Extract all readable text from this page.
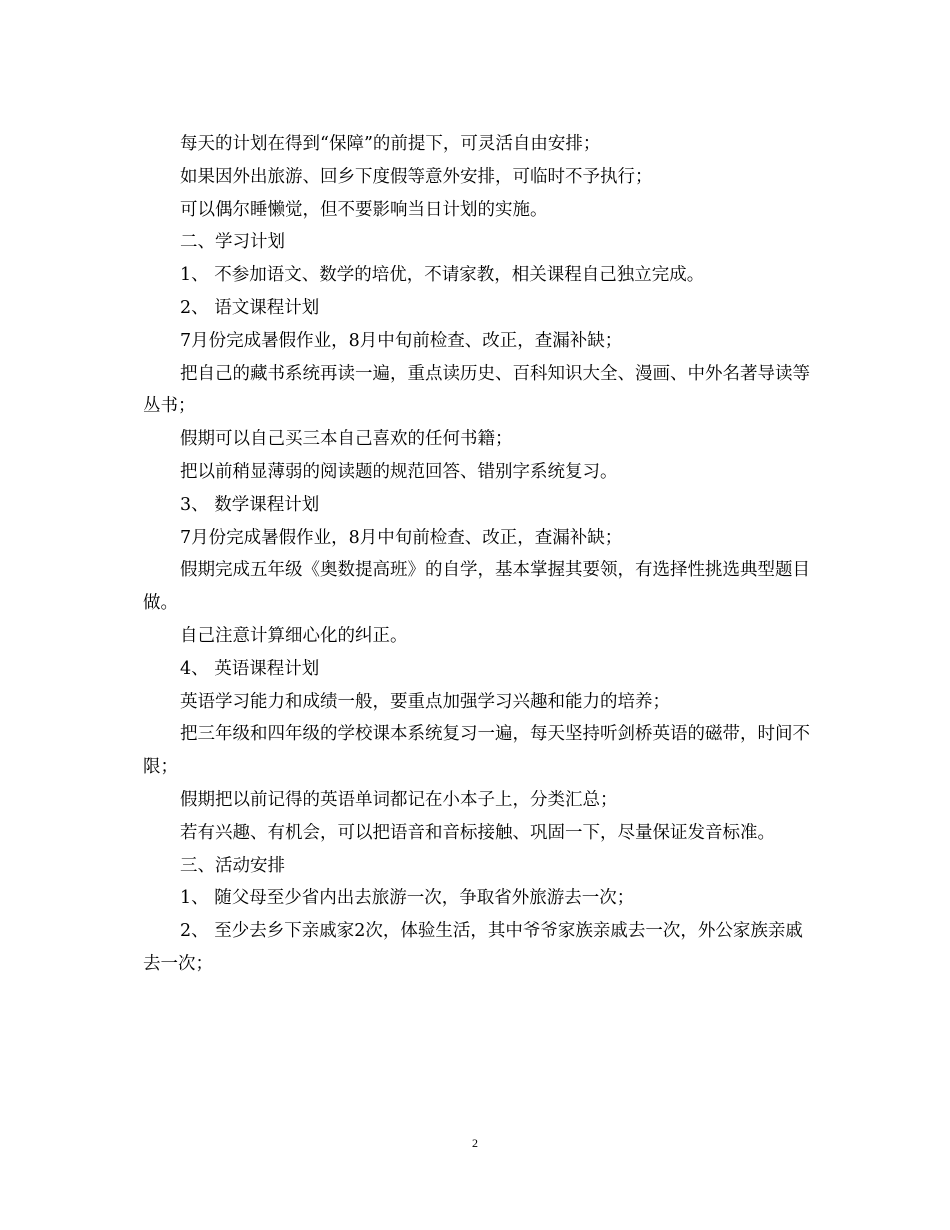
每天的计划在得到“保障”的前提下，可灵活自由安排；

如果因外出旅游、回乡下度假等意外安排，可临时不予执行；

可以偶尔睡懒觉，但不要影响当日计划的实施。

二、学习计划

1、 不参加语文、数学的培优，不请家教，相关课程自己独立完成。

2、 语文课程计划

7月份完成暑假作业，8月中旬前检查、改正，查漏补缺；

把自己的藏书系统再读一遍，重点读历史、百科知识大全、漫画、中外名著导读等丛书；

假期可以自己买三本自己喜欢的任何书籍；

把以前稍显薄弱的阅读题的规范回答、错别字系统复习。

3、 数学课程计划

7月份完成暑假作业，8月中旬前检查、改正，查漏补缺；

假期完成五年级《奥数提高班》的自学，基本掌握其要领，有选择性挑选典型题目做。

自己注意计算细心化的纠正。

4、 英语课程计划

英语学习能力和成绩一般，要重点加强学习兴趣和能力的培养；

把三年级和四年级的学校课本系统复习一遍，每天坚持听剑桥英语的磁带，时间不限；

假期把以前记得的英语单词都记在小本子上，分类汇总；

若有兴趣、有机会，可以把语音和音标接触、巩固一下，尽量保证发音标准。

三、活动安排

1、 随父母至少省内出去旅游一次，争取省外旅游去一次；

2、 至少去乡下亲戚家2次，体验生活，其中爷爷家族亲戚去一次，外公家族亲戚去一次；

2
